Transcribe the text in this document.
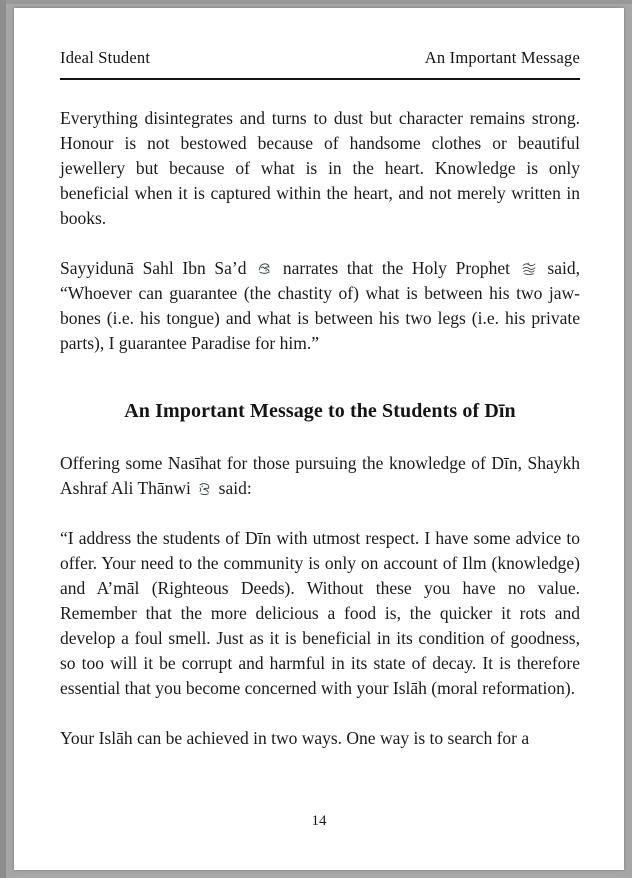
Ideal Student	An Important Message

Everything disintegrates and turns to dust but character remains strong. Honour is not bestowed because of handsome clothes or beautiful jewellery but because of what is in the heart. Knowledge is only beneficial when it is captured within the heart, and not merely written in books.

Sayyidunā Sahl Ibn Sa’d narrates that the Holy Prophet said, “Whoever can guarantee (the chastity of) what is between his two jaw-bones (i.e. his tongue) and what is between his two legs (i.e. his private parts), I guarantee Paradise for him.”

An Important Message to the Students of Dīn

Offering some Nasīhat for those pursuing the knowledge of Dīn, Shaykh Ashraf Ali Thānwi said:

“I address the students of Dīn with utmost respect. I have some advice to offer. Your need to the community is only on account of Ilm (knowledge) and A’māl (Righteous Deeds). Without these you have no value. Remember that the more delicious a food is, the quicker it rots and develop a foul smell. Just as it is beneficial in its condition of goodness, so too will it be corrupt and harmful in its state of decay. It is therefore essential that you become concerned with your Islāh (moral reformation).

Your Islāh can be achieved in two ways. One way is to search for a

14
